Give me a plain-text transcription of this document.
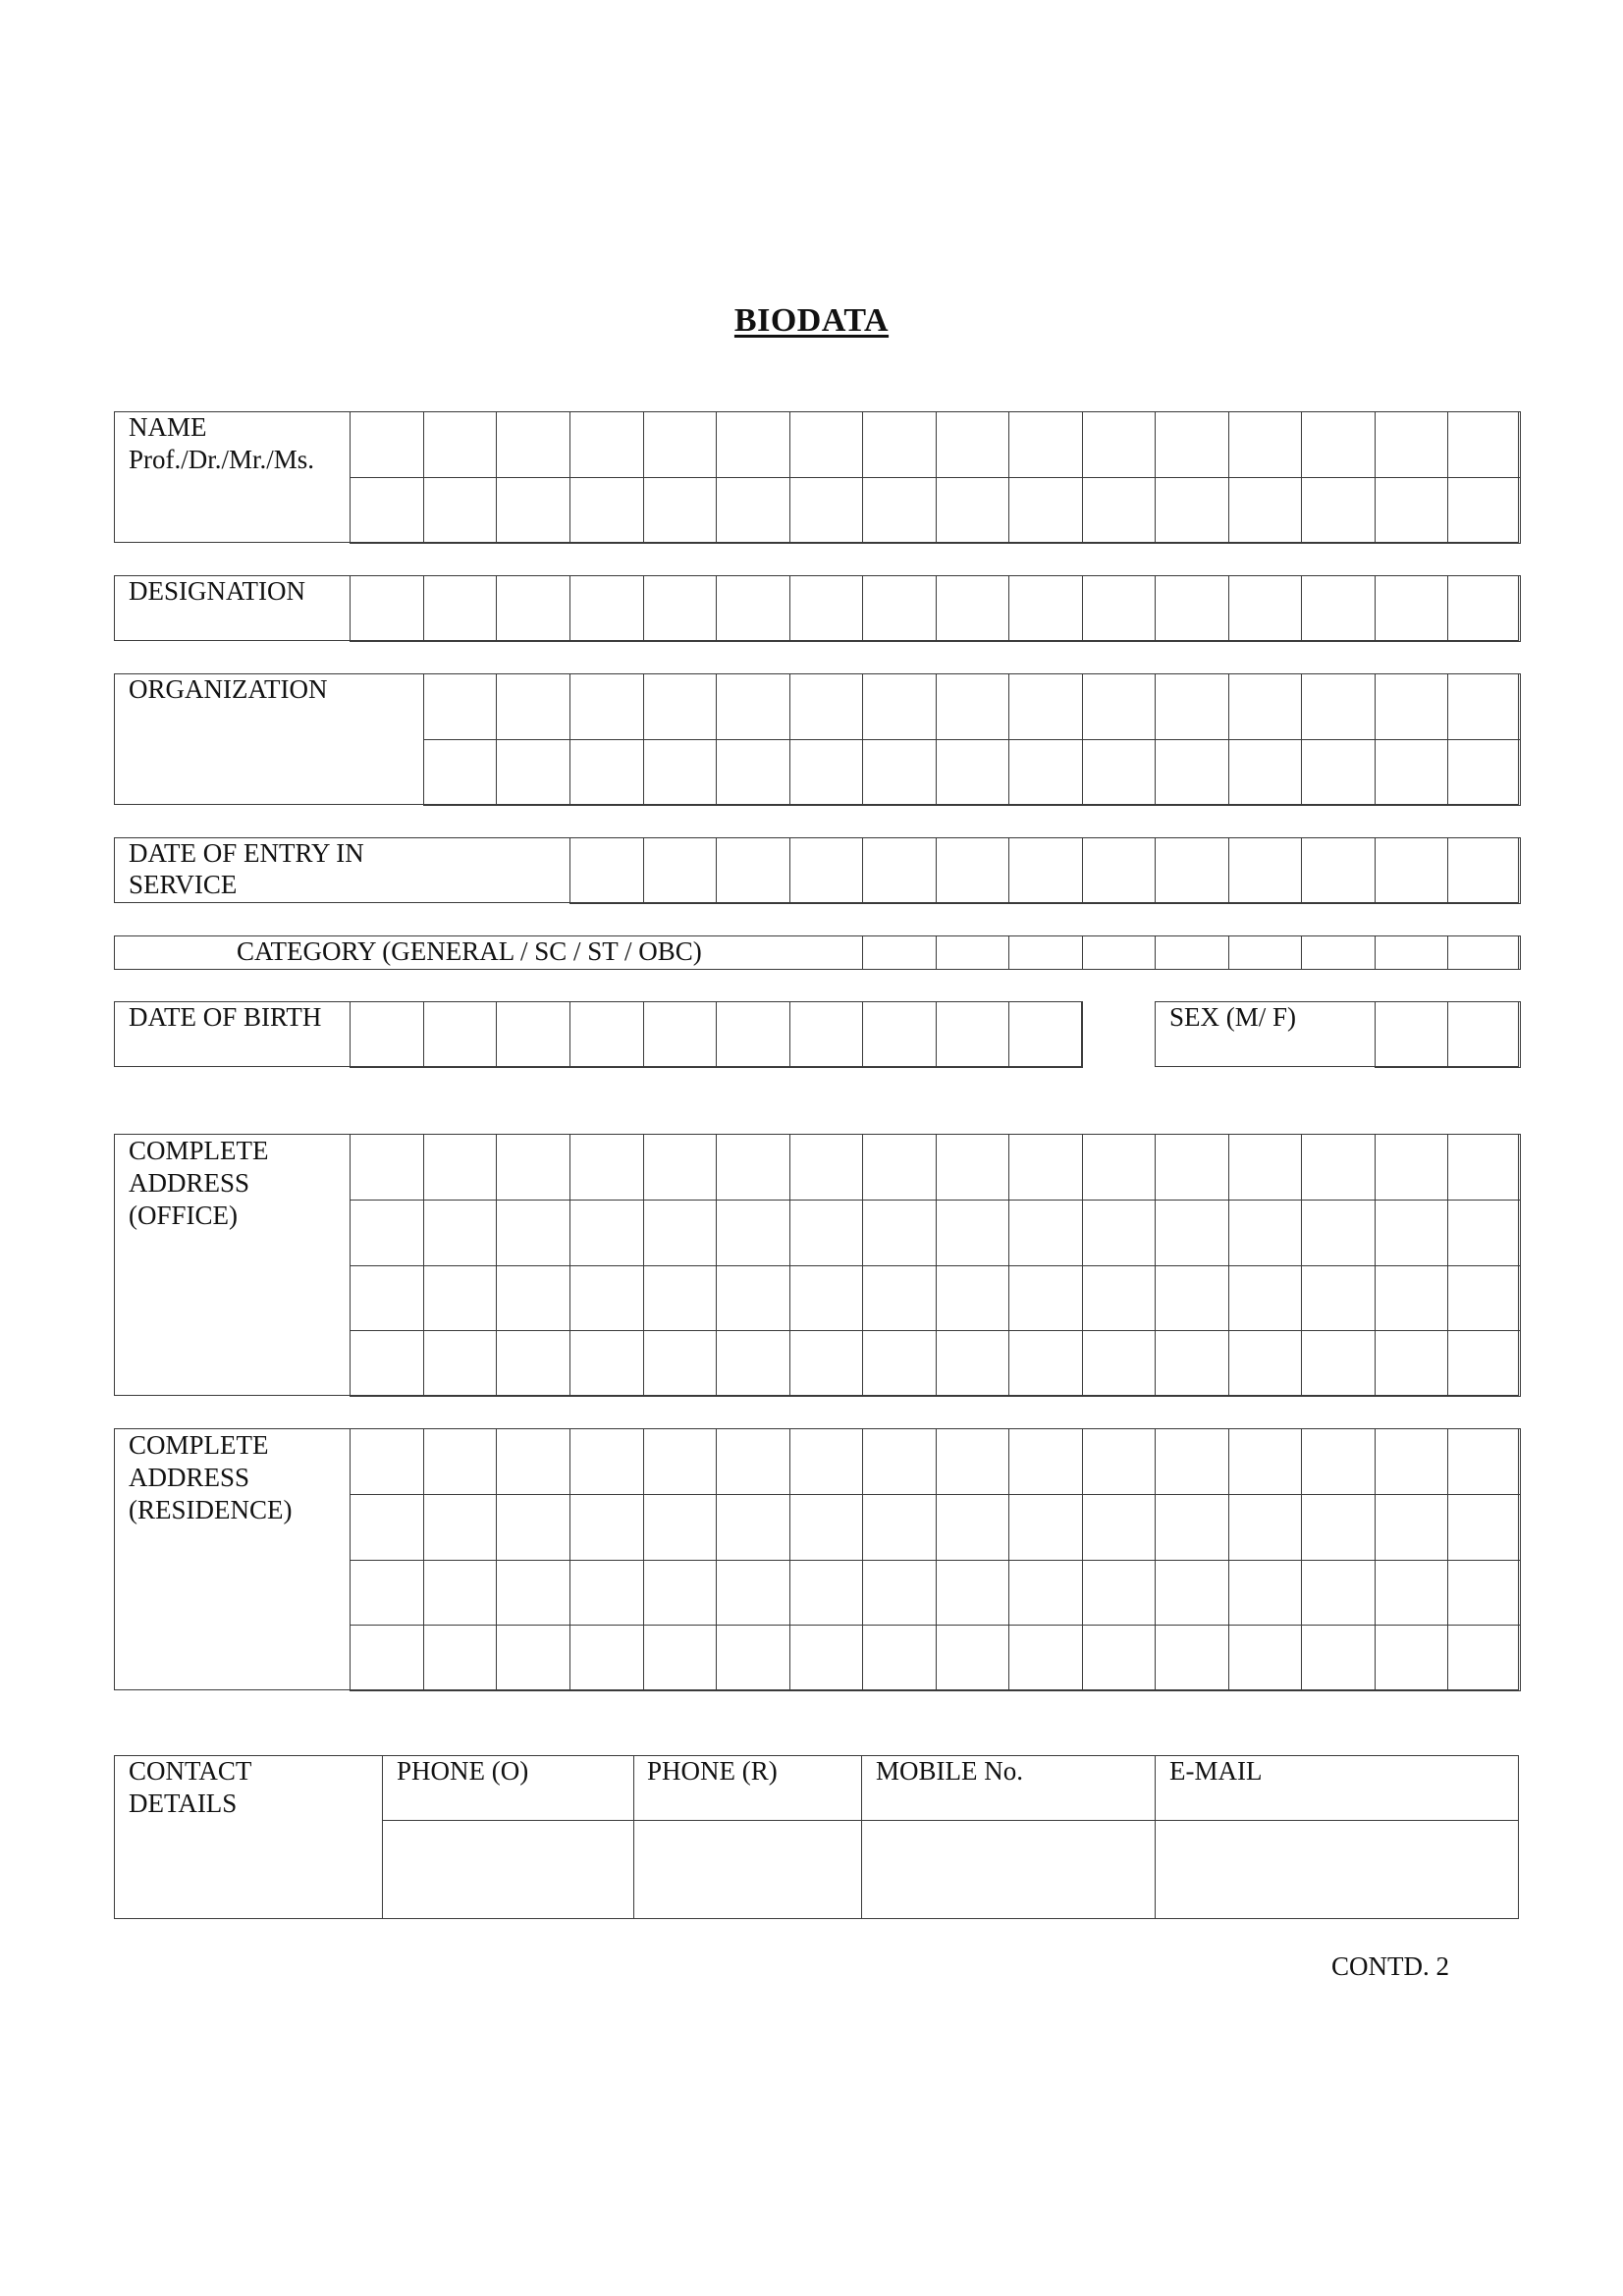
BIODATA
NAME
Prof./Dr./Mr./Ms.
DESIGNATION
ORGANIZATION
DATE OF ENTRY IN
SERVICE
CATEGORY (GENERAL / SC / ST / OBC)
DATE OF BIRTH	SEX (M/ F)
COMPLETE
ADDRESS
(OFFICE)
COMPLETE
ADDRESS
(RESIDENCE)
CONTACT
DETAILS
PHONE (O)	PHONE (R)	MOBILE No.	E-MAIL
CONTD. 2
